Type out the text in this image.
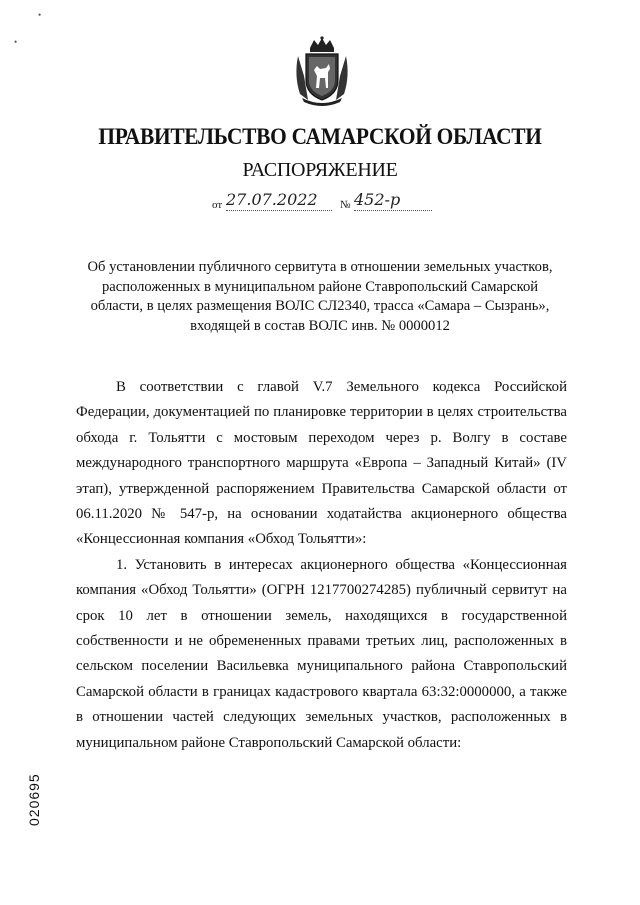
•
•
ПРАВИТЕЛЬСТВО САМАРСКОЙ ОБЛАСТИ
РАСПОРЯЖЕНИЕ
от 27.07.2022	№ 452-р
Об установлении публичного сервитута в отношении земельных участков,
расположенных в муниципальном районе Ставропольский Самарской
области, в целях размещения ВОЛС СЛ2340, трасса «Самара – Сызрань»,
входящей в состав ВОЛС инв. № 0000012

В соответствии с главой V.7 Земельного кодекса Российской Федерации, документацией по планировке территории в целях строительства обхода г. Тольятти с мостовым переходом через р. Волгу в составе международного транспортного маршрута «Европа – Западный Китай» (IV этап), утвержденной распоряжением Правительства Самарской области от 06.11.2020 № 547-р, на основании ходатайства акционерного общества «Концессионная компания «Обход Тольятти»:

1. Установить в интересах акционерного общества «Концессионная компания «Обход Тольятти» (ОГРН 1217700274285) публичный сервитут на срок 10 лет в отношении земель, находящихся в государственной собственности и не обремененных правами третьих лиц, расположенных в сельском поселении Васильевка муниципального района Ставропольский Самарской области в границах кадастрового квартала 63:32:0000000, а также в отношении частей следующих земельных участков, расположенных в муниципальном районе Ставропольский Самарской области:

020695
